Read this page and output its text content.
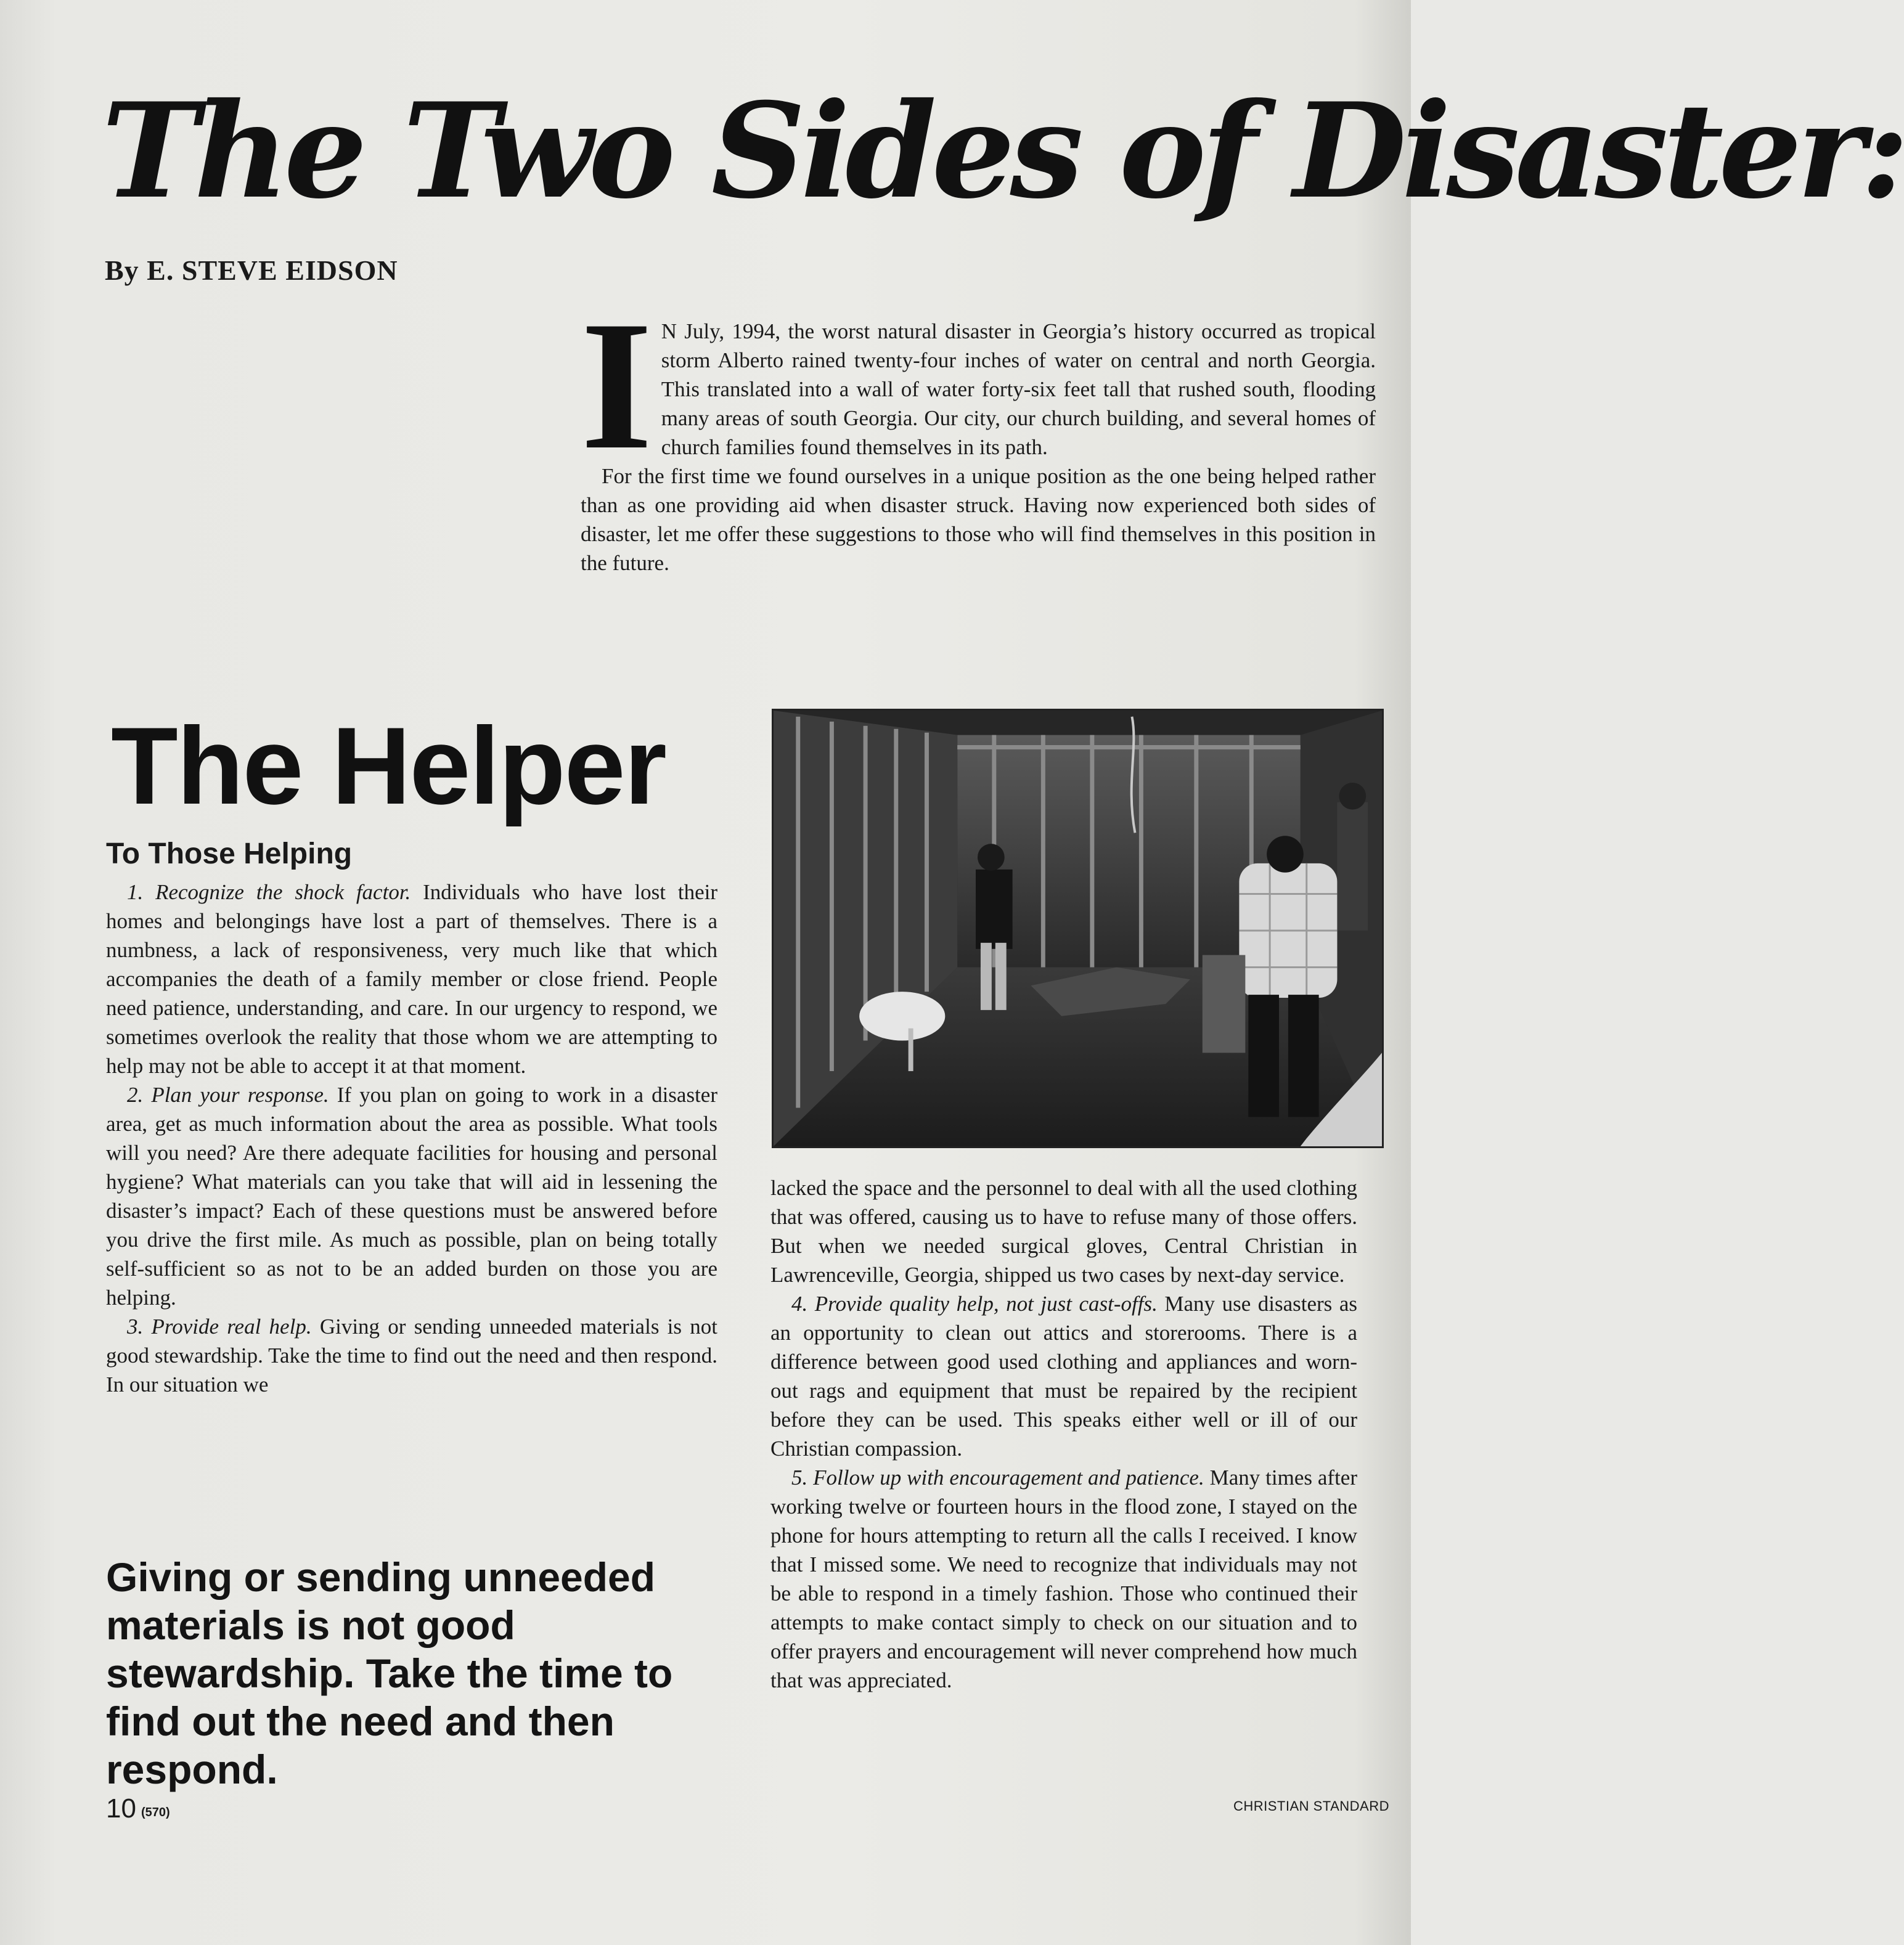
The Two Sides of Disaster:
By E. STEVE EIDSON
I N July, 1994, the worst natural disaster in Georgia’s history occurred as tropical storm Alberto rained twenty-four inches of water on central and north Georgia. This translated into a wall of water forty-six feet tall that rushed south, flooding many areas of south Georgia. Our city, our church building, and several homes of church families found themselves in its path.

For the first time we found ourselves in a unique position as the one being helped rather than as one providing aid when disaster struck. Having now experienced both sides of disaster, let me offer these suggestions to those who will find themselves in this position in the future.

The Helper
To Those Helping

1. Recognize the shock factor. Individuals who have lost their homes and belongings have lost a part of themselves. There is a numbness, a lack of responsiveness, very much like that which accompanies the death of a family member or close friend. People need patience, understanding, and care. In our urgency to respond, we sometimes overlook the reality that those whom we are attempting to help may not be able to accept it at that moment.

2. Plan your response. If you plan on going to work in a disaster area, get as much information about the area as possible. What tools will you need? Are there adequate facilities for housing and personal hygiene? What materials can you take that will aid in lessening the disaster’s impact? Each of these questions must be answered before you drive the first mile. As much as possible, plan on being totally self-sufficient so as not to be an added burden on those you are helping.

3. Provide real help. Giving or sending unneeded materials is not good stewardship. Take the time to find out the need and then respond. In our situation we

Giving or sending unneeded materials is not good stewardship. Take the time to find out the need and then respond.

lacked the space and the personnel to deal with all the used clothing that was offered, causing us to have to refuse many of those offers. But when we needed surgical gloves, Central Christian in Lawrenceville, Georgia, shipped us two cases by next-day service.

4. Provide quality help, not just cast-offs. Many use disasters as an opportunity to clean out attics and storerooms. There is a difference between good used clothing and appliances and worn-out rags and equipment that must be repaired by the recipient before they can be used. This speaks either well or ill of our Christian compassion.

5. Follow up with encouragement and patience. Many times after working twelve or fourteen hours in the flood zone, I stayed on the phone for hours attempting to return all the calls I received. I know that I missed some. We need to recognize that individuals may not be able to respond in a timely fashion. Those who continued their attempts to make contact simply to check on our situation and to offer prayers and encouragement will never comprehend how much that was appreciated.

10 (570)	CHRISTIAN STANDARD
